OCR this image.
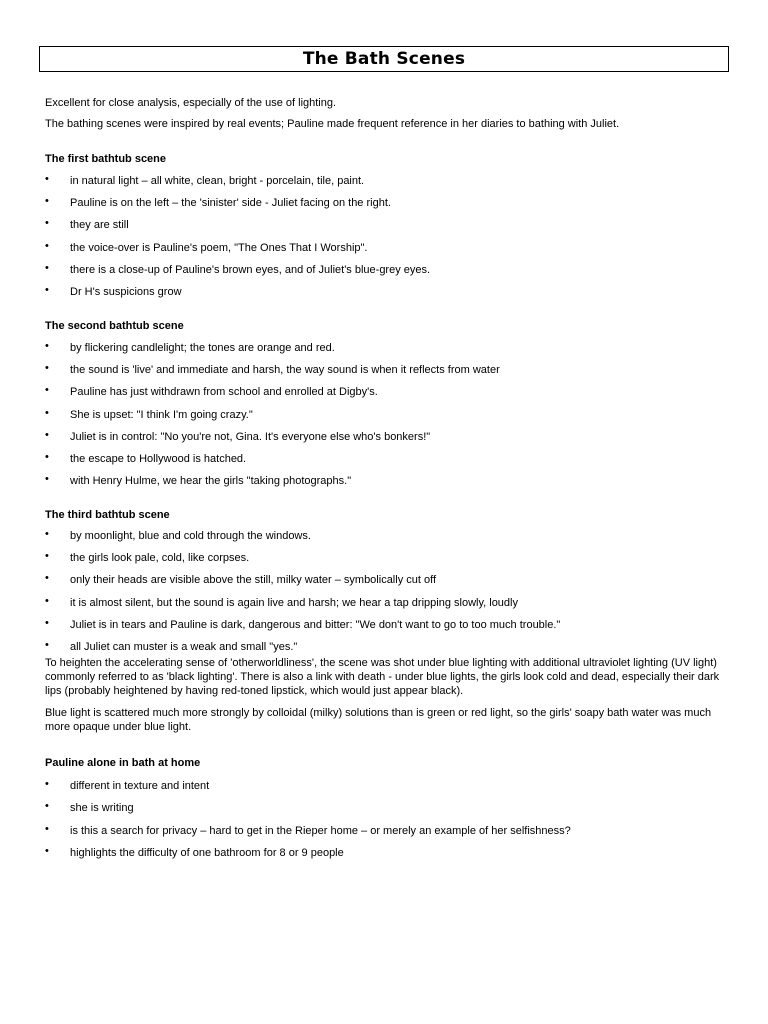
The Bath Scenes

Excellent for close analysis, especially of the use of lighting.

The bathing scenes were inspired by real events; Pauline made frequent reference in her diaries to bathing with Juliet.

The first bathtub scene
• in natural light – all white, clean, bright - porcelain, tile, paint.
• Pauline is on the left – the 'sinister' side - Juliet facing on the right.
• they are still
• the voice-over is Pauline's poem, "The Ones That I Worship".
• there is a close-up of Pauline's brown eyes, and of Juliet's blue-grey eyes.
• Dr H's suspicions grow
The second bathtub scene
• by flickering candlelight; the tones are orange and red.
• the sound is 'live' and immediate and harsh, the way sound is when it reflects from water
• Pauline has just withdrawn from school and enrolled at Digby's.
• She is upset: "I think I'm going crazy."
• Juliet is in control: "No you're not, Gina. It's everyone else who's bonkers!"
• the escape to Hollywood is hatched.
• with Henry Hulme, we hear the girls "taking photographs."
The third bathtub scene
• by moonlight, blue and cold through the windows.
• the girls look pale, cold, like corpses.
• only their heads are visible above the still, milky water – symbolically cut off
• it is almost silent, but the sound is again live and harsh; we hear a tap dripping slowly, loudly
• Juliet is in tears and Pauline is dark, dangerous and bitter: "We don't want to go to too much trouble."
• all Juliet can muster is a weak and small "yes."

To heighten the accelerating sense of 'otherworldliness', the scene was shot under blue lighting with additional ultraviolet lighting (UV light) commonly referred to as 'black lighting'. There is also a link with death - under blue lights, the girls look cold and dead, especially their dark lips (probably heightened by having red-toned lipstick, which would just appear black).

Blue light is scattered much more strongly by colloidal (milky) solutions than is green or red light, so the girls' soapy bath water was much more opaque under blue light.

Pauline alone in bath at home
• different in texture and intent
• she is writing
• is this a search for privacy – hard to get in the Rieper home – or merely an example of her selfishness?
• highlights the difficulty of one bathroom for 8 or 9 people
